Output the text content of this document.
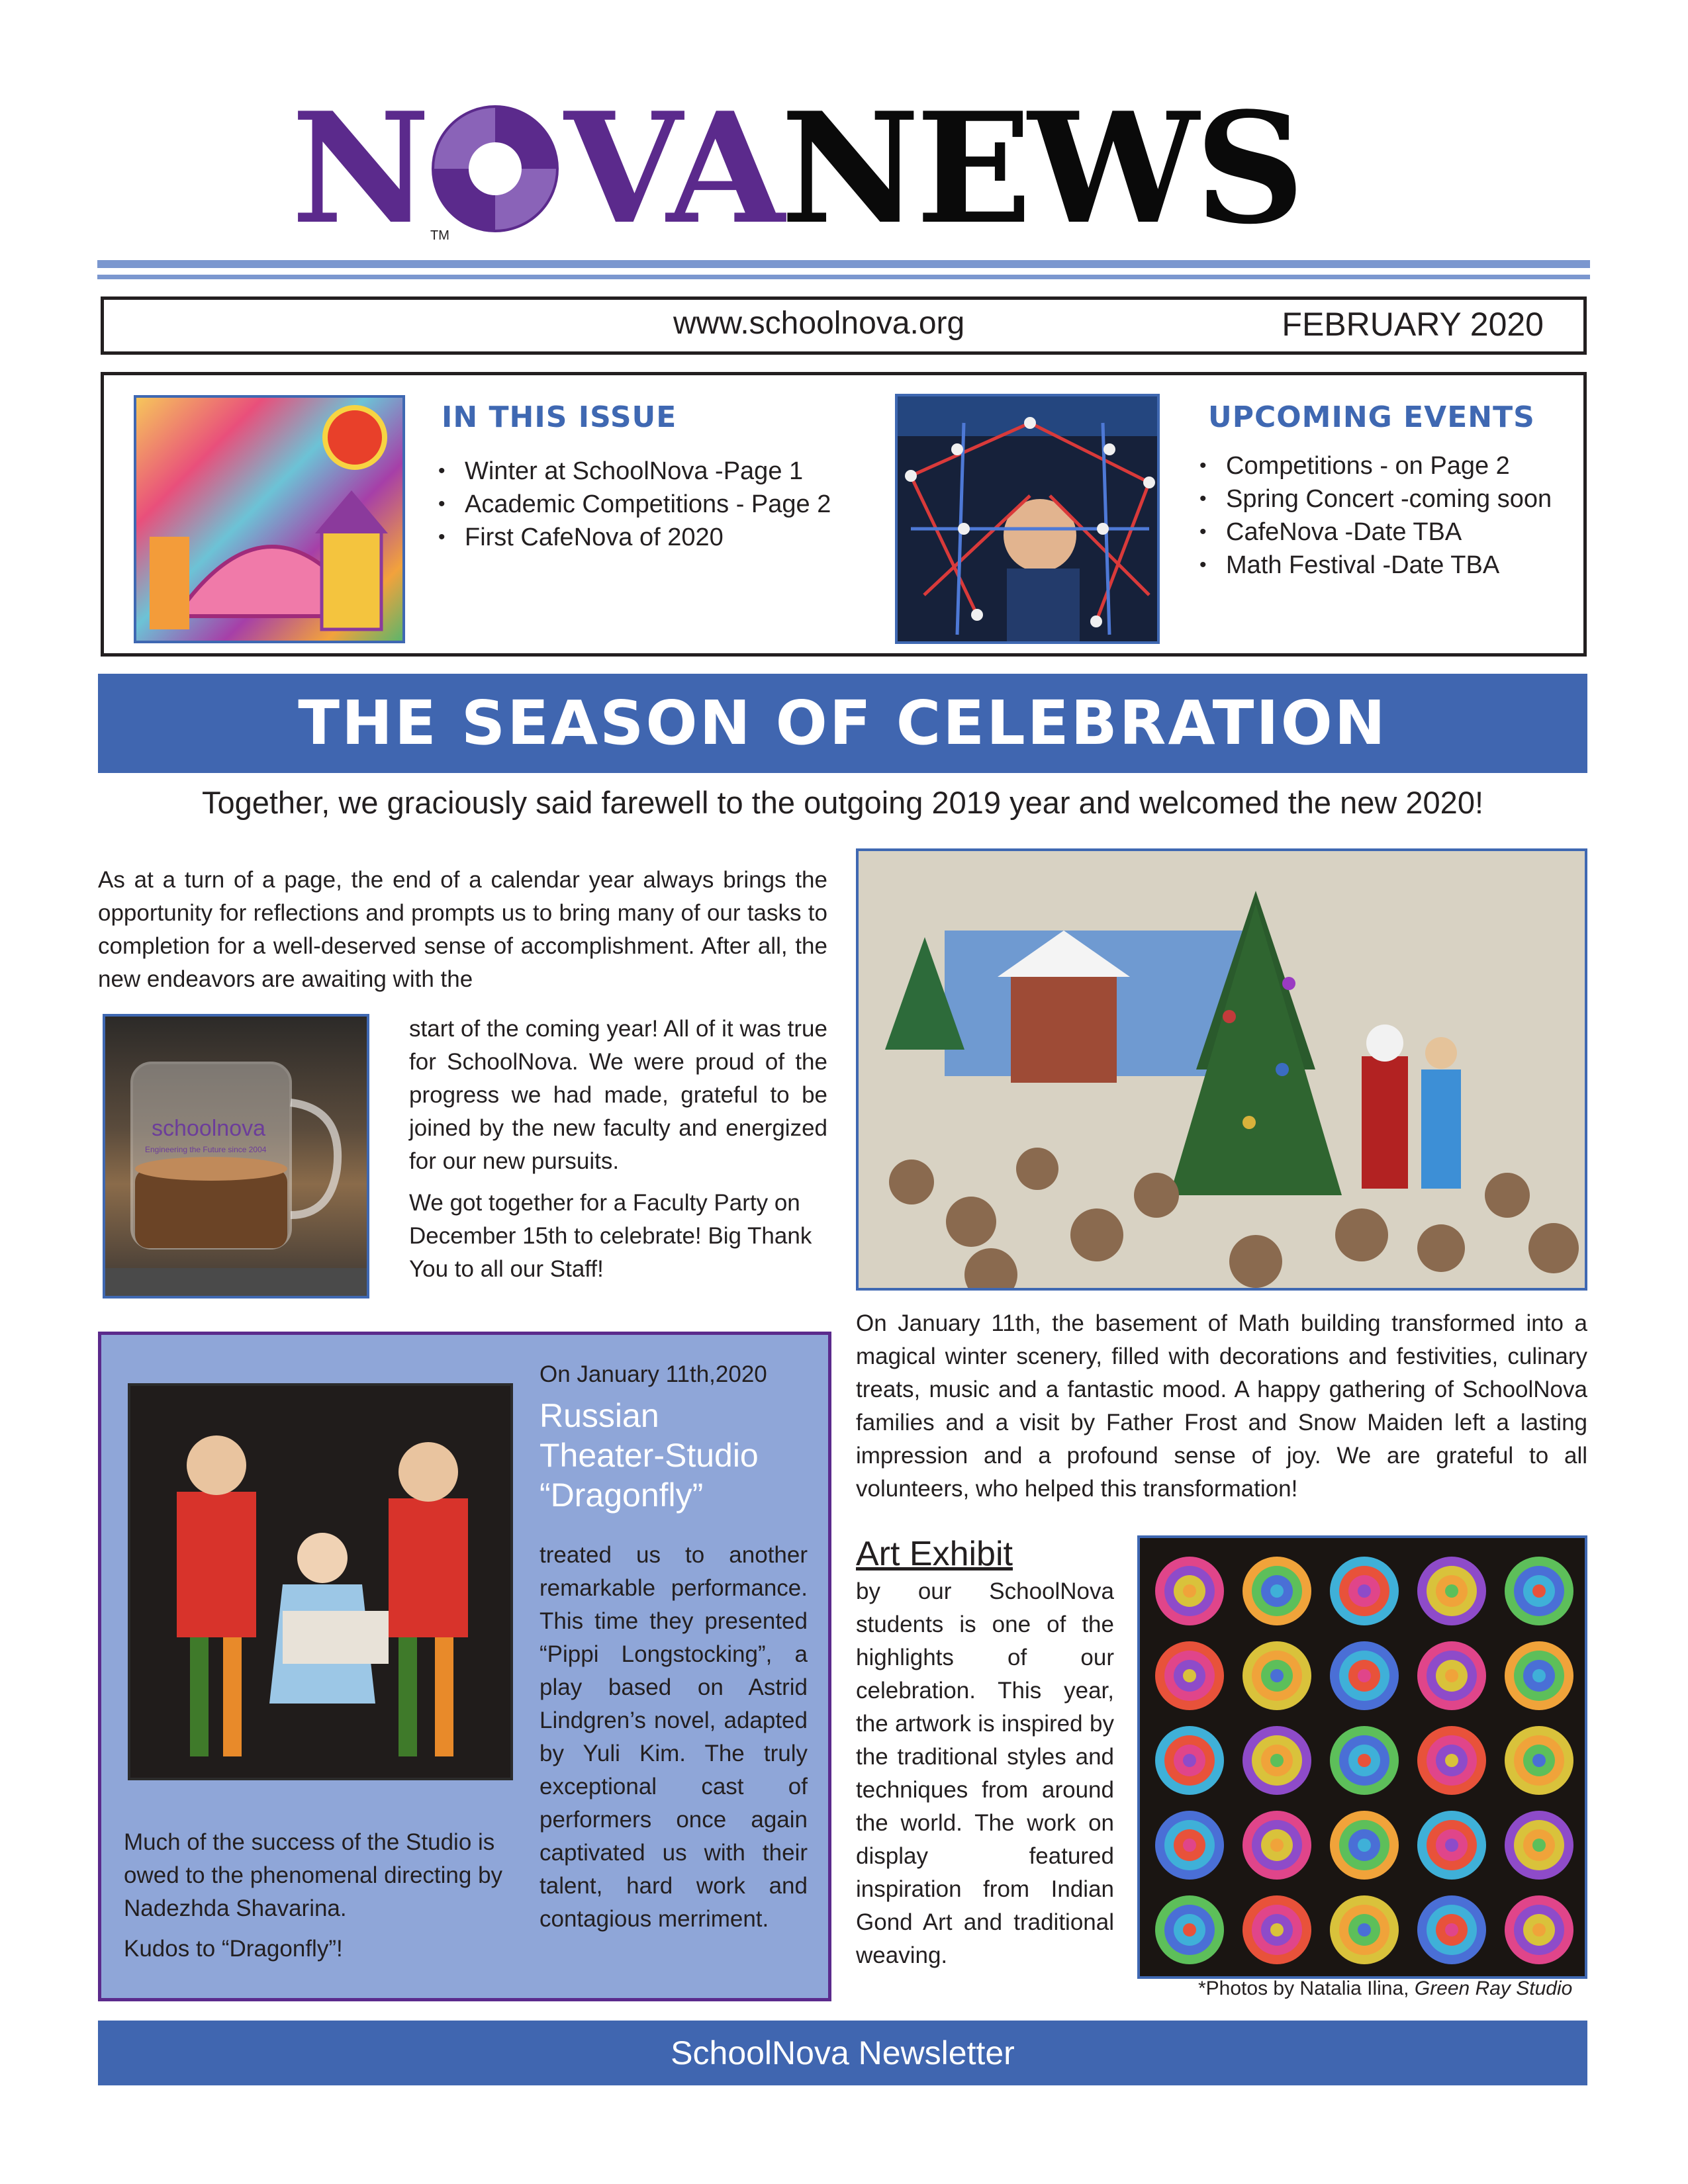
N VANEWS
TM
www.schoolnova.org	FEBRUARY 2020
IN THIS ISSUE
• Winter at SchoolNova -Page 1
• Academic Competitions - Page 2
• First CafeNova of 2020
UPCOMING EVENTS
• Competitions - on Page 2
• Spring Concert -coming soon
• CafeNova -Date TBA
• Math Festival -Date TBA
THE SEASON OF CELEBRATION
Together, we graciously said farewell to the outgoing 2019 year and welcomed the new 2020!
As at a turn of a page, the end of a calendar year always brings the opportunity for reflections and prompts us to bring many of our tasks to completion for a well-deserved sense of accomplishment. After all, the new endeavors are awaiting with the
schoolnova
Engineering the Future since 2004
start of the coming year! All of it was true for SchoolNova. We were proud of the progress we had made, grateful to be joined by the new faculty and energized for our new pursuits.
We got together for a Faculty Party on December 15th to celebrate! Big Thank You to all our Staff!
On January 11th, the basement of Math building transformed into a magical winter scenery, filled with decorations and festivities, culinary treats, music and a fantastic mood. A happy gathering of SchoolNova families and a visit by Father Frost and Snow Maiden left a lasting impression and a profound sense of joy. We are grateful to all volunteers, who helped this transformation!
On January 11th,2020
Russian
Theater-Studio
“Dragonfly”
treated us to another remarkable performance. This time they presented “Pippi Longstocking”, a play based on Astrid Lindgren’s novel, adapted by Yuli Kim. The truly exceptional cast of performers once again captivated us with their talent, hard work and contagious merriment.
Much of the success of the Studio is owed to the phenomenal directing by Nadezhda Shavarina.
Kudos to “Dragonfly”!
Art Exhibit
by our SchoolNova students is one of the highlights of our celebration. This year, the artwork is inspired by the traditional styles and techniques from around the world. The work on display featured inspiration from Indian Gond Art and traditional weaving.
*Photos by Natalia Ilina, Green Ray Studio
SchoolNova Newsletter
